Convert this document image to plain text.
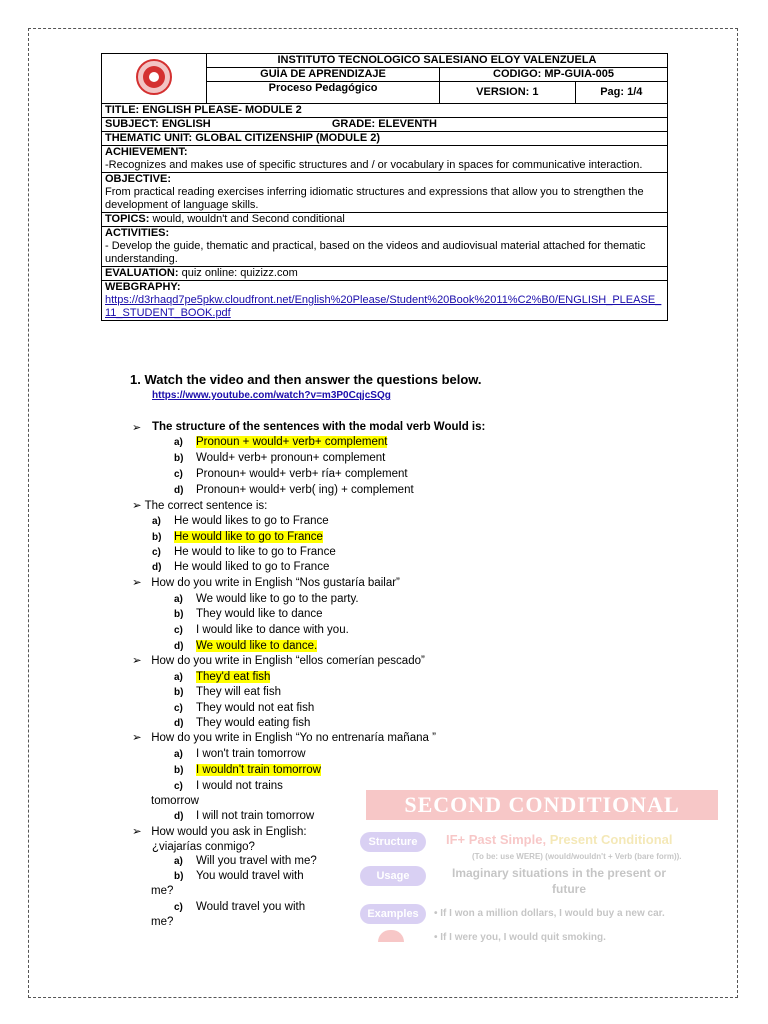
	INSTITUTO TECNOLOGICO SALESIANO ELOY VALENZUELA		
	GUÍA DE APRENDIZAJE	CODIGO: MP-GUIA-005	
	Proceso Pedagógico	VERSION: 1	Pag: 1/4
TITLE: ENGLISH PLEASE- MODULE 2			
SUBJECT: ENGLISH GRADE: ELEVENTH			
THEMATIC UNIT: GLOBAL CITIZENSHIP (MODULE 2)			

ACHIEVEMENT:
-Recognizes and makes use of specific structures and / or vocabulary in spaces for communicative interaction.			

OBJECTIVE:
From practical reading exercises inferring idiomatic structures and expressions that allow you to strengthen the development of language skills.			

TOPICS: would, wouldn't and Second conditional			

ACTIVITIES:
- Develop the guide, thematic and practical, based on the videos and audiovisual material attached for thematic understanding.			

EVALUATION: quiz online: quizizz.com			

WEBGRAPHY:
https://d3rhaqd7pe5pkw.cloudfront.net/English%20Please/Student%20Book%2011%C2%B0/ENGLISH_PLEASE_11_STUDENT_BOOK.pdf			
1. Watch the video and then answer the questions below.
https://www.youtube.com/watch?v=m3P0CqjcSQg
➢ The structure of the sentences with the modal verb Would is:
a) Pronoun + would+ verb+ complement
b) Would+ verb+ pronoun+ complement
c) Pronoun+ would+ verb+ ría+ complement
d) Pronoun+ would+ verb( ing) + complement
➢ The correct sentence is:
a) He would likes to go to France
b) He would like to go to France
c) He would to like to go to France
d) He would liked to go to France
➢   How do you write in English “Nos gustaría bailar”
a) We would like to go to the party.
b) They would like to dance
c) I would like to dance with you.
d) We would like to dance.
➢   How do you write in English “ellos comerían pescado”
a) They'd eat fish
b) They will eat fish
c) They would not eat fish
d) They would eating fish
➢   How do you write in English “Yo no entrenaría mañana ”
a) I won't train tomorrow
b) I wouldn't train tomorrow
c) I would not trains
tomorrow
d) I will not train tomorrow
➢   How would you ask in English:
¿viajarías conmigo?
a) Will you travel with me?
b) You would travel with
me?
c) Would travel you with
me?
SECOND CONDITIONAL
Structure	IF+ Past Simple, Present Conditional
(To be: use WERE) (would/wouldn't + Verb (bare form)).
Usage	Imaginary situations in the present or
future
Examples	• If I won a million dollars, I would buy a new car.
• If I were you, I would quit smoking.
